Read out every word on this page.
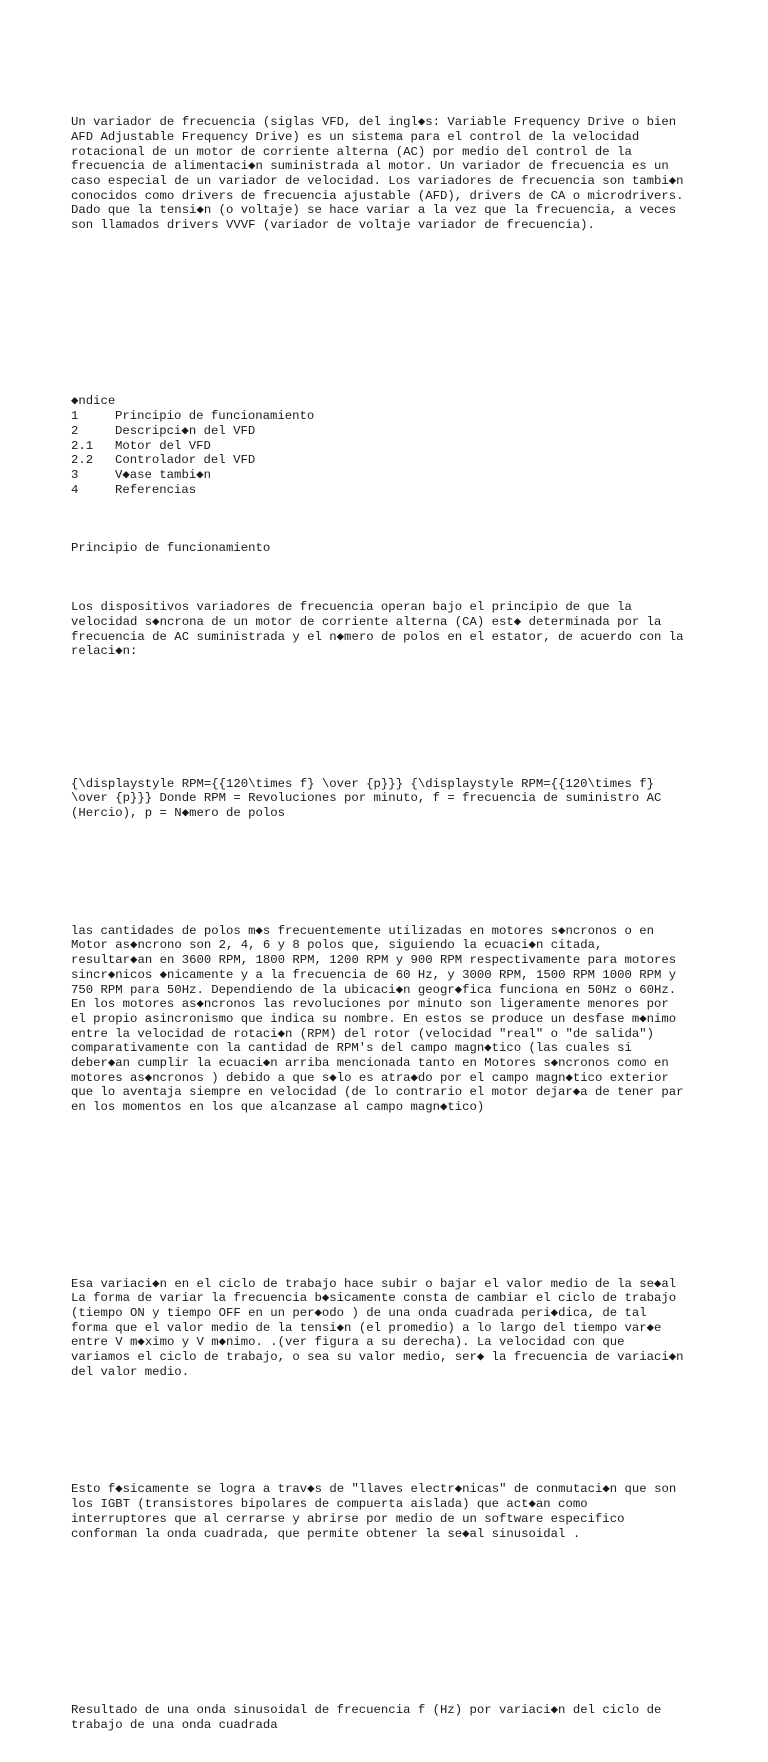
Un variador de frecuencia (siglas VFD, del ingl◆s: Variable Frequency Drive o bien
AFD Adjustable Frequency Drive) es un sistema para el control de la velocidad
rotacional de un motor de corriente alterna (AC) por medio del control de la
frecuencia de alimentaci◆n suministrada al motor. Un variador de frecuencia es un
caso especial de un variador de velocidad. Los variadores de frecuencia son tambi◆n
conocidos como drivers de frecuencia ajustable (AFD), drivers de CA o microdrivers.
Dado que la tensi◆n (o voltaje) se hace variar a la vez que la frecuencia, a veces
son llamados drivers VVVF (variador de voltaje variador de frecuencia).

◆ndice
1	Principio de funcionamiento
2	Descripci◆n del VFD
2.1 Motor del VFD
2.2 Controlador del VFD
3	V◆ase tambi◆n
4	Referencias

Principio de funcionamiento

Los dispositivos variadores de frecuencia operan bajo el principio de que la
velocidad s◆ncrona de un motor de corriente alterna (CA) est◆ determinada por la
frecuencia de AC suministrada y el n◆mero de polos en el estator, de acuerdo con la
relaci◆n:

{\displaystyle RPM={{120\times f} \over {p}}} {\displaystyle RPM={{120\times f}
\over {p}}} Donde RPM = Revoluciones por minuto, f = frecuencia de suministro AC
(Hercio), p = N◆mero de polos

las cantidades de polos m◆s frecuentemente utilizadas en motores s◆ncronos o en
Motor as◆ncrono son 2, 4, 6 y 8 polos que, siguiendo la ecuaci◆n citada,
resultar◆an en 3600 RPM, 1800 RPM, 1200 RPM y 900 RPM respectivamente para motores
sincr◆nicos ◆nicamente y a la frecuencia de 60 Hz, y 3000 RPM, 1500 RPM 1000 RPM y
750 RPM para 50Hz. Dependiendo de la ubicaci◆n geogr◆fica funciona en 50Hz o 60Hz.
En los motores as◆ncronos las revoluciones por minuto son ligeramente menores por
el propio asincronismo que indica su nombre. En estos se produce un desfase m◆nimo
entre la velocidad de rotaci◆n (RPM) del rotor (velocidad "real" o "de salida")
comparativamente con la cantidad de RPM's del campo magn◆tico (las cuales si
deber◆an cumplir la ecuaci◆n arriba mencionada tanto en Motores s◆ncronos como en
motores as◆ncronos ) debido a que s◆lo es atra◆do por el campo magn◆tico exterior
que lo aventaja siempre en velocidad (de lo contrario el motor dejar◆a de tener par
en los momentos en los que alcanzase al campo magn◆tico)

Esa variaci◆n en el ciclo de trabajo hace subir o bajar el valor medio de la se◆al
La forma de variar la frecuencia b◆sicamente consta de cambiar el ciclo de trabajo
(tiempo ON y tiempo OFF en un per◆odo ) de una onda cuadrada peri◆dica, de tal
forma que el valor medio de la tensi◆n (el promedio) a lo largo del tiempo var◆e
entre V m◆ximo y V m◆nimo. .(ver figura a su derecha). La velocidad con que
variamos el ciclo de trabajo, o sea su valor medio, ser◆ la frecuencia de variaci◆n
del valor medio.

Esto f◆sicamente se logra a trav◆s de "llaves electr◆nicas" de conmutaci◆n que son
los IGBT (transistores bipolares de compuerta aislada) que act◆an como
interruptores que al cerrarse y abrirse por medio de un software especifico
conforman la onda cuadrada, que permite obtener la se◆al sinusoidal .

Resultado de una onda sinusoidal de frecuencia f (Hz) por variaci◆n del ciclo de
trabajo de una onda cuadrada
